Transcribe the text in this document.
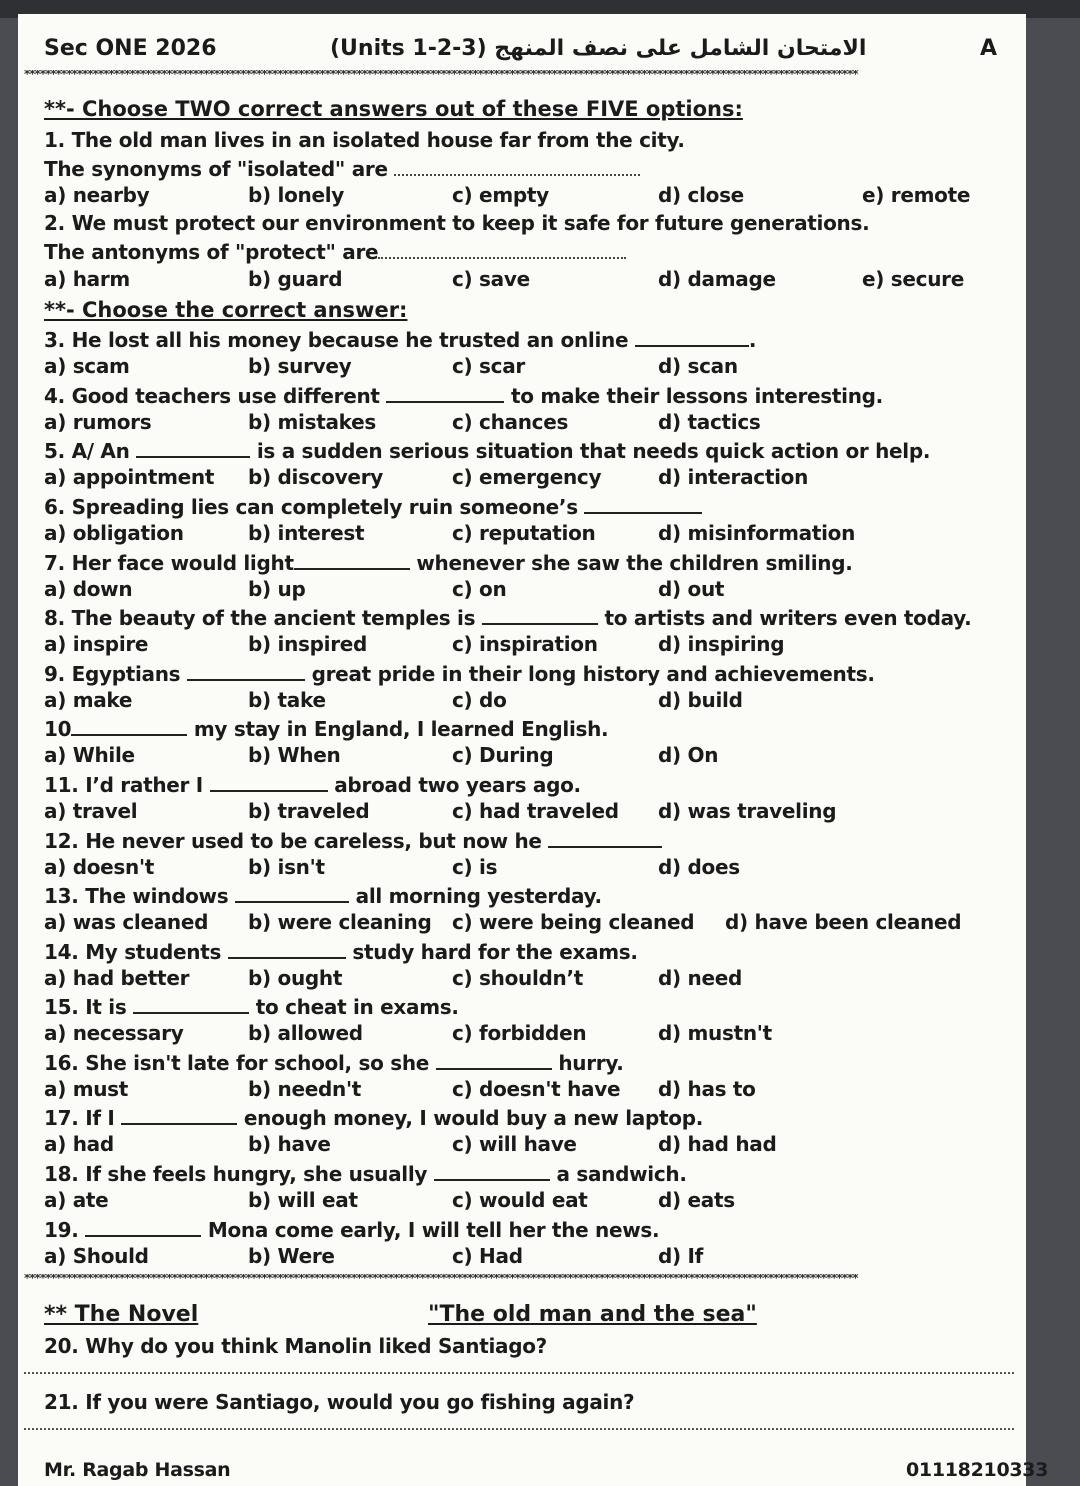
Sec ONE 2026	(Units 1-2-3) الامتحان الشامل على نصف المنهج	A
**************************************************************************************************************************************************************
**- Choose TWO correct answers out of these FIVE options:
1. The old man lives in an isolated house far from the city.
The synonyms of "isolated" are
a) nearby	b) lonely	c) empty	d) close	e) remote
2. We must protect our environment to keep it safe for future generations.
The antonyms of "protect" are
a) harm	b) guard	c) save	d) damage	e) secure
**- Choose the correct answer:
3. He lost all his money because he trusted an online	.
a) scam	b) survey	c) scar	d) scan
4. Good teachers use different	to make their lessons interesting.
a) rumors	b) mistakes	c) chances	d) tactics
5. A/ An	is a sudden serious situation that needs quick action or help.
a) appointment b) discovery	c) emergency	d) interaction
6. Spreading lies can completely ruin someone’s
a) obligation	b) interest	c) reputation	d) misinformation
7. Her face would light	whenever she saw the children smiling.
a) down	b) up	c) on	d) out
8. The beauty of the ancient temples is	to artists and writers even today.
a) inspire	b) inspired	c) inspiration	d) inspiring
9. Egyptians	great pride in their long history and achievements.
a) make	b) take	c) do	d) build
10	my stay in England, I learned English.
a) While	b) When	c) During	d) On
11. I’d rather I	abroad two years ago.
a) travel	b) traveled	c) had traveled d) was traveling
12. He never used to be careless, but now he
a) doesn't	b) isn't	c) is	d) does
13. The windows	all morning yesterday.
a) was cleaned b) were cleaning c) were being cleaned d) have been cleaned
14. My students	study hard for the exams.
a) had better	b) ought	c) shouldn’t	d) need
15. It is	to cheat in exams.
a) necessary	b) allowed	c) forbidden	d) mustn't
16. She isn't late for school, so she	hurry.
a) must	b) needn't	c) doesn't have d) has to
17. If I	enough money, I would buy a new laptop.
a) had	b) have	c) will have	d) had had
18. If she feels hungry, she usually	a sandwich.
a) ate	b) will eat	c) would eat	d) eats
19.	Mona come early, I will tell her the news.
a) Should	b) Were	c) Had	d) If
**************************************************************************************************************************************************************
** The Novel	"The old man and the sea"
20. Why do you think Manolin liked Santiago?
21. If you were Santiago, would you go fishing again?
Mr. Ragab Hassan	01118210333
